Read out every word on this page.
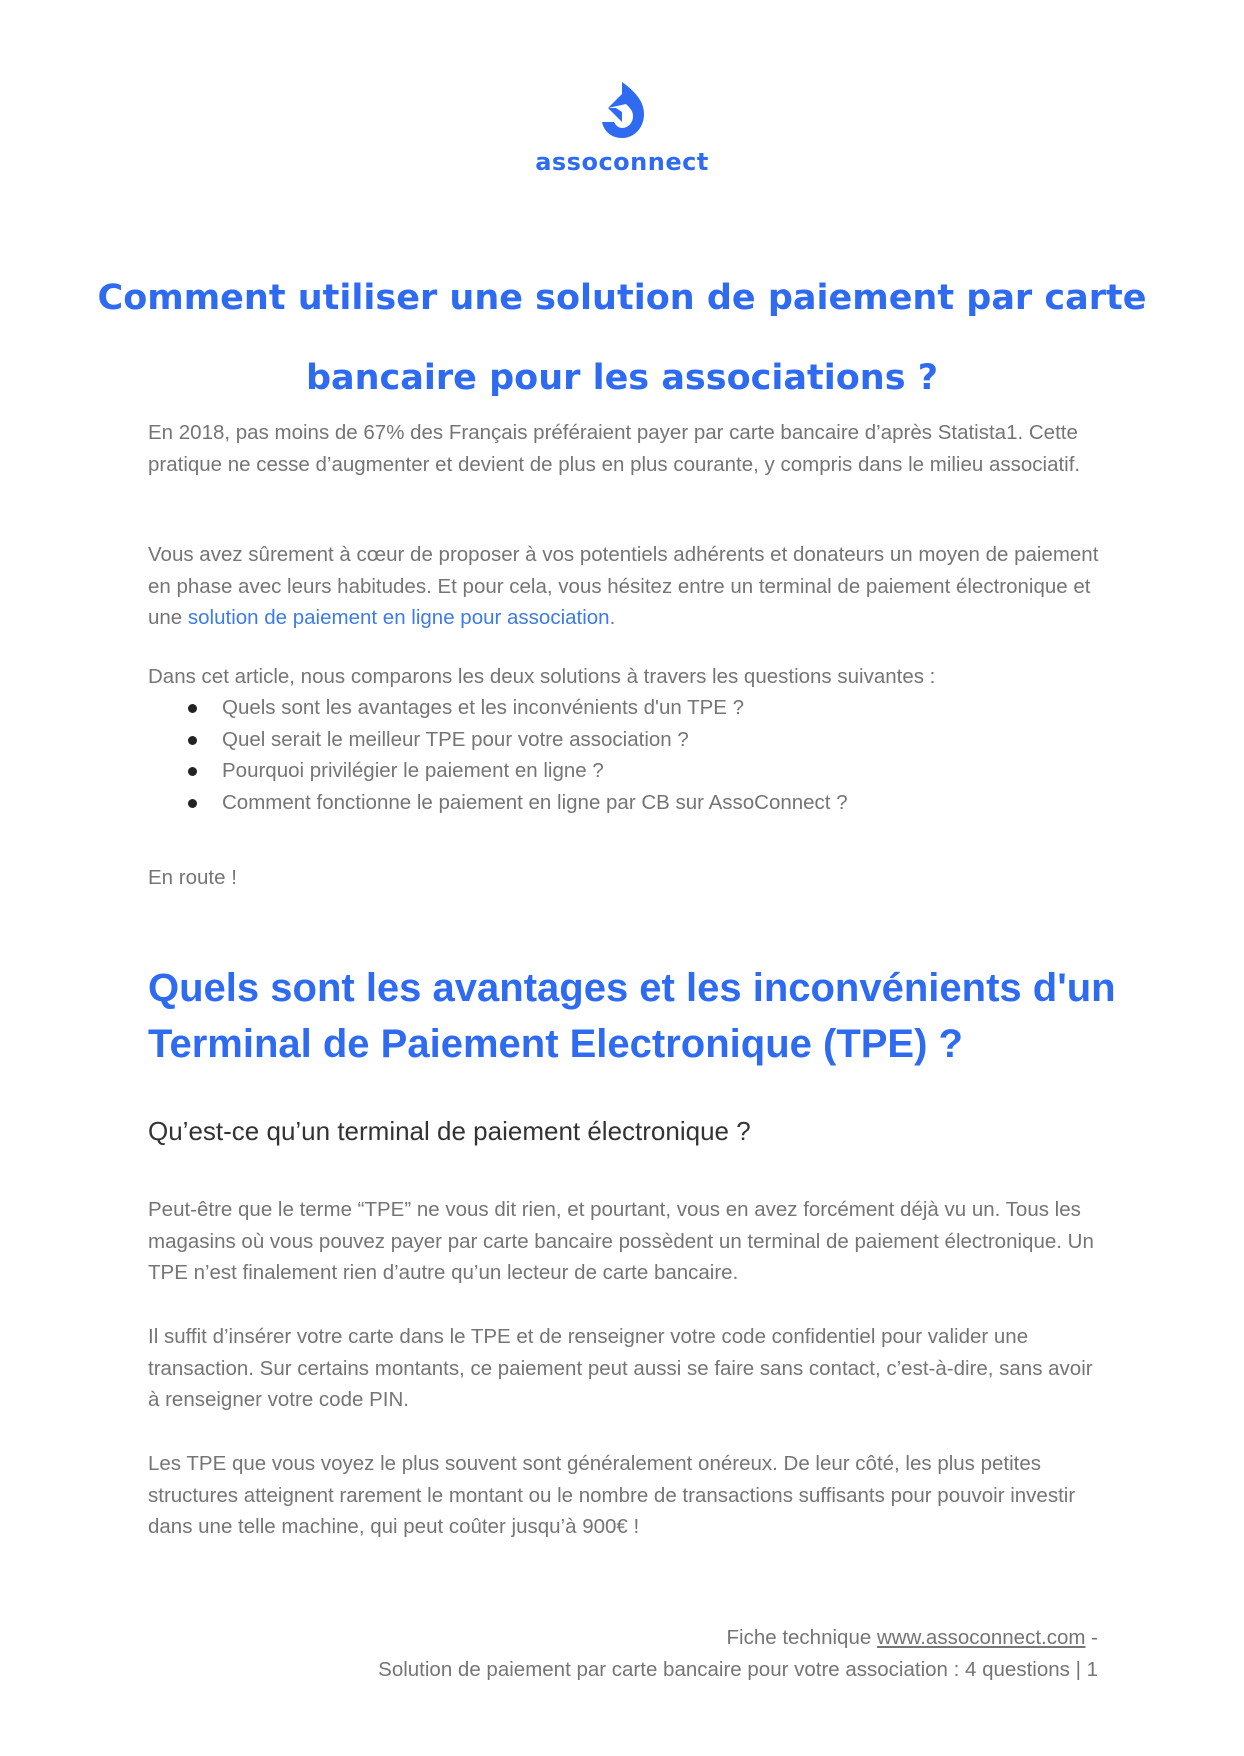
assoconnect
Comment utiliser une solution de paiement par carte bancaire pour les associations ?

En 2018, pas moins de 67% des Français préféraient payer par carte bancaire d’après Statista1. Cette pratique ne cesse d’augmenter et devient de plus en plus courante, y compris dans le milieu associatif.

Vous avez sûrement à cœur de proposer à vos potentiels adhérents et donateurs un moyen de paiement en phase avec leurs habitudes. Et pour cela, vous hésitez entre un terminal de paiement électronique et une solution de paiement en ligne pour association.

Dans cet article, nous comparons les deux solutions à travers les questions suivantes :

Quels sont les avantages et les inconvénients d'un TPE ?
Quel serait le meilleur TPE pour votre association ?
Pourquoi privilégier le paiement en ligne ?
Comment fonctionne le paiement en ligne par CB sur AssoConnect ?

En route !

Quels sont les avantages et les inconvénients d'un Terminal de Paiement Electronique (TPE) ?
Qu’est-ce qu’un terminal de paiement électronique ?

Peut-être que le terme “TPE” ne vous dit rien, et pourtant, vous en avez forcément déjà vu un. Tous les magasins où vous pouvez payer par carte bancaire possèdent un terminal de paiement électronique. Un TPE n’est finalement rien d’autre qu’un lecteur de carte bancaire.

Il suffit d’insérer votre carte dans le TPE et de renseigner votre code confidentiel pour valider une transaction. Sur certains montants, ce paiement peut aussi se faire sans contact, c’est-à-dire, sans avoir à renseigner votre code PIN.

Les TPE que vous voyez le plus souvent sont généralement onéreux. De leur côté, les plus petites structures atteignent rarement le montant ou le nombre de transactions suffisants pour pouvoir investir dans une telle machine, qui peut coûter jusqu’à 900€ !

Fiche technique www.assoconnect.com -
Solution de paiement par carte bancaire pour votre association : 4 questions | 1
